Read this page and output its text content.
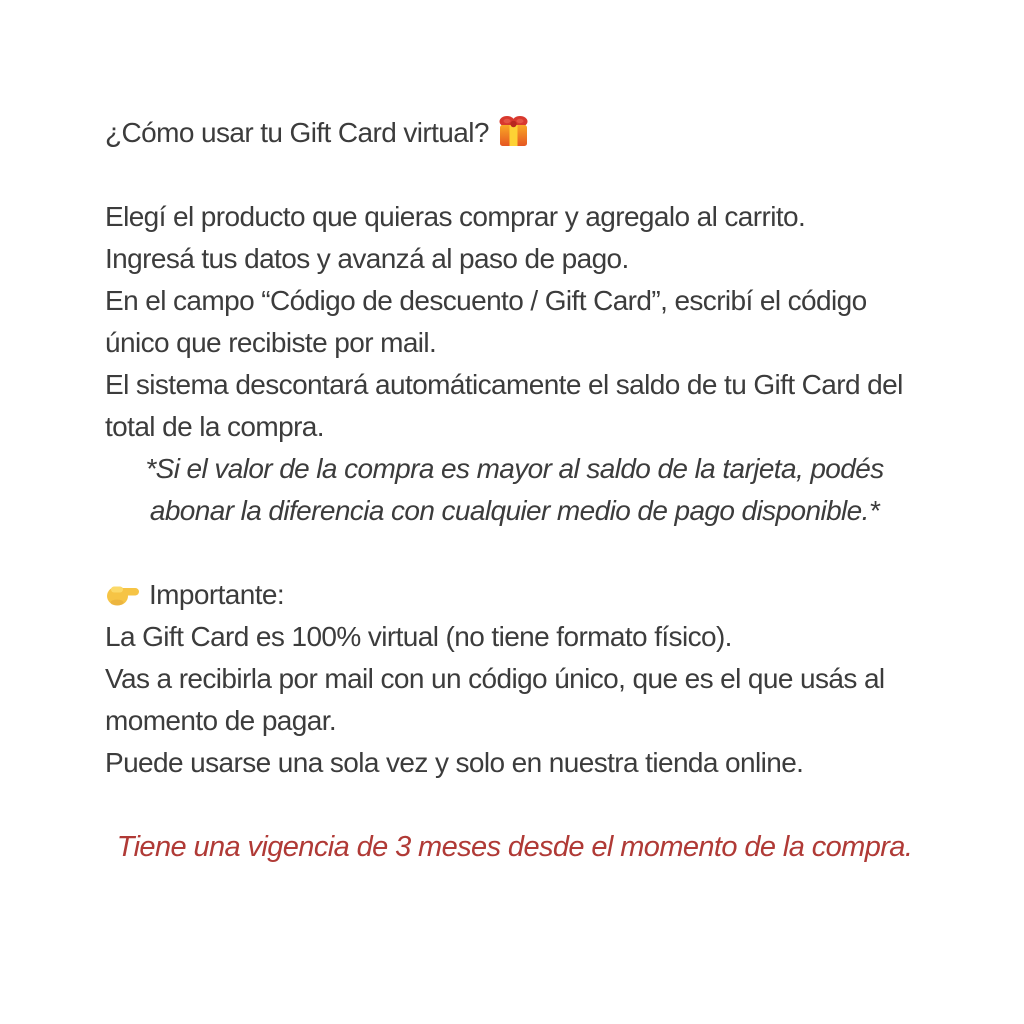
¿Cómo usar tu Gift Card virtual?

Elegí el producto que quieras comprar y agregalo al carrito.

Ingresá tus datos y avanzá al paso de pago.

En el campo “Código de descuento / Gift Card”, escribí el código único que recibiste por mail.

El sistema descontará automáticamente el saldo de tu Gift Card del total de la compra.

*Si el valor de la compra es mayor al saldo de la tarjeta, podés abonar la diferencia con cualquier medio de pago disponible.*

Importante:

La Gift Card es 100% virtual (no tiene formato físico).

Vas a recibirla por mail con un código único, que es el que usás al momento de pagar.

Puede usarse una sola vez y solo en nuestra tienda online.

Tiene una vigencia de 3 meses desde el momento de la compra.
